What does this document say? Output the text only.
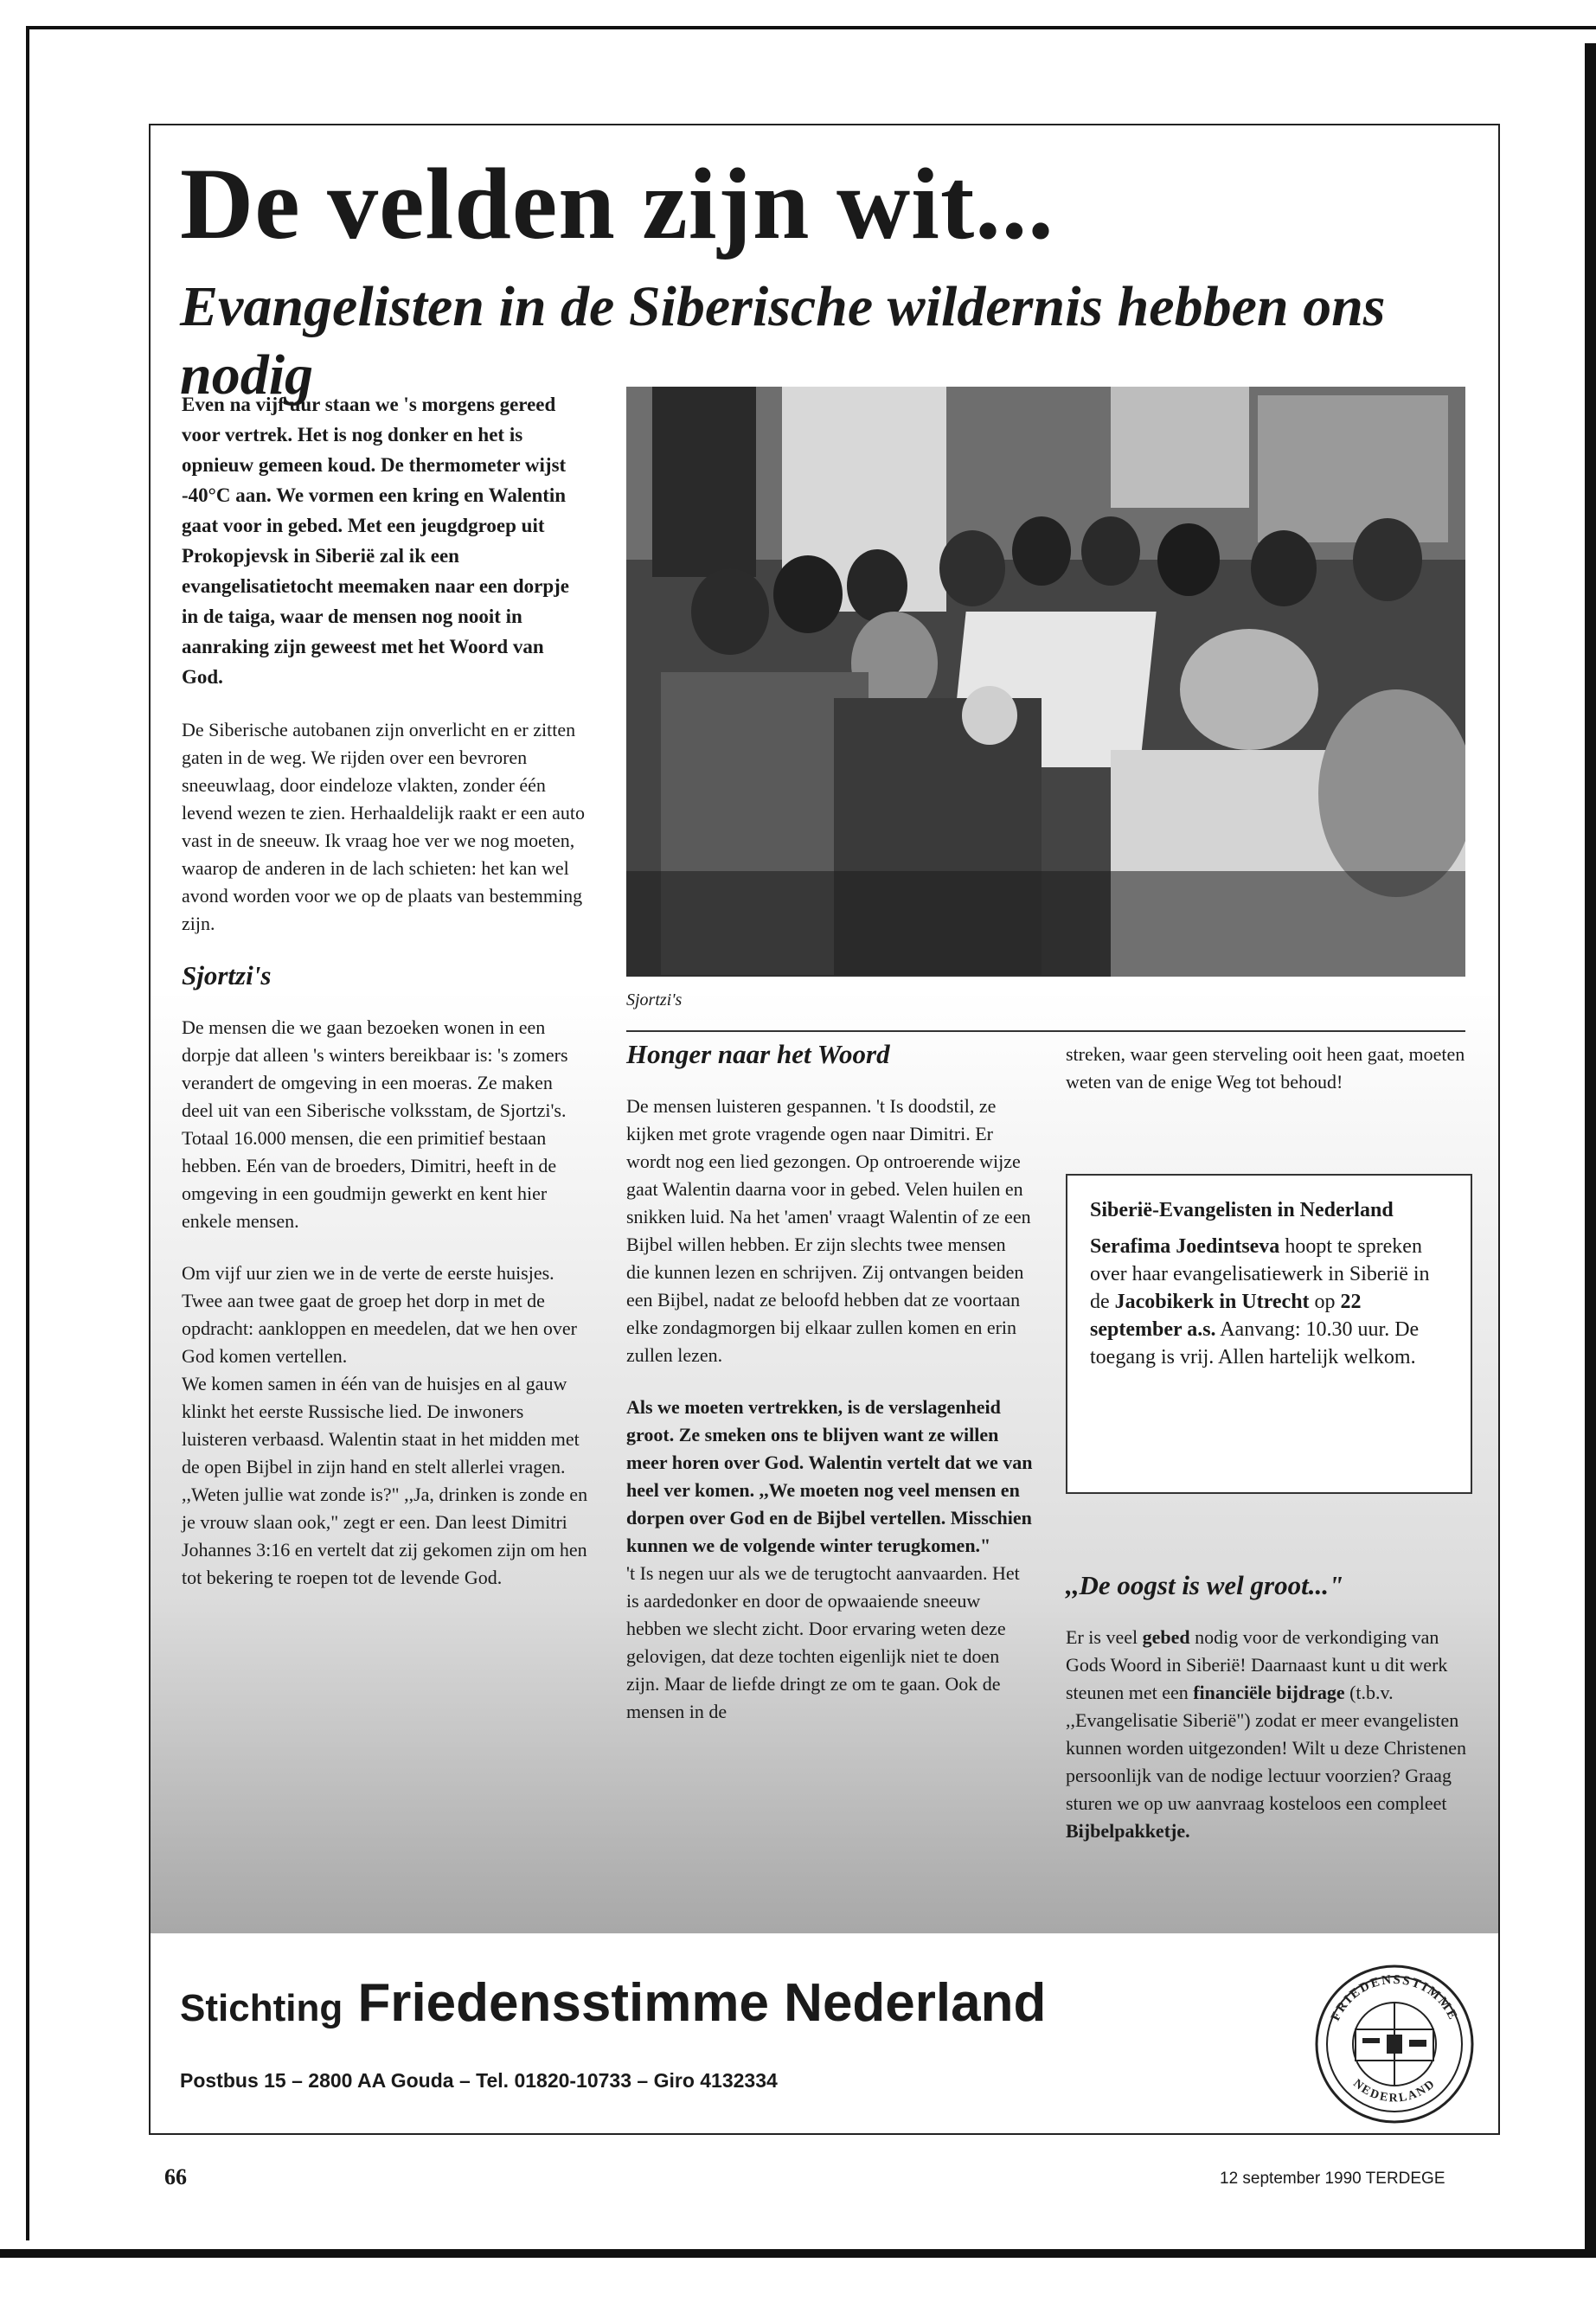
De velden zijn wit...
Evangelisten in de Siberische wildernis hebben ons nodig

Even na vijf uur staan we 's morgens gereed voor vertrek. Het is nog donker en het is opnieuw gemeen koud. De thermometer wijst -40°C aan. We vormen een kring en Walentin gaat voor in gebed. Met een jeugdgroep uit Prokopjevsk in Siberië zal ik een evangelisatietocht meemaken naar een dorpje in de taiga, waar de mensen nog nooit in aanraking zijn geweest met het Woord van God.

De Siberische autobanen zijn onverlicht en er zitten gaten in de weg. We rijden over een bevroren sneeuwlaag, door eindeloze vlakten, zonder één levend wezen te zien. Herhaaldelijk raakt er een auto vast in de sneeuw. Ik vraag hoe ver we nog moeten, waarop de anderen in de lach schieten: het kan wel avond worden voor we op de plaats van bestemming zijn.

Sjortzi's

De mensen die we gaan bezoeken wonen in een dorpje dat alleen 's winters bereikbaar is: 's zomers verandert de omgeving in een moeras. Ze maken deel uit van een Siberische volksstam, de Sjortzi's. Totaal 16.000 mensen, die een primitief bestaan hebben. Eén van de broeders, Dimitri, heeft in de omgeving in een goudmijn gewerkt en kent hier enkele mensen.

Om vijf uur zien we in de verte de eerste huisjes. Twee aan twee gaat de groep het dorp in met de opdracht: aankloppen en meedelen, dat we hen over God komen vertellen.

We komen samen in één van de huisjes en al gauw klinkt het eerste Russische lied. De inwoners luisteren verbaasd. Walentin staat in het midden met de open Bijbel in zijn hand en stelt allerlei vragen. ,,Weten jullie wat zonde is?" ,,Ja, drinken is zonde en je vrouw slaan ook," zegt er een. Dan leest Dimitri Johannes 3:16 en vertelt dat zij gekomen zijn om hen tot bekering te roepen tot de levende God.

Sjortzi's
Honger naar het Woord

De mensen luisteren gespannen. 't Is doodstil, ze kijken met grote vragende ogen naar Dimitri. Er wordt nog een lied gezongen. Op ontroerende wijze gaat Walentin daarna voor in gebed. Velen huilen en snikken luid. Na het 'amen' vraagt Walentin of ze een Bijbel willen hebben. Er zijn slechts twee mensen die kunnen lezen en schrijven. Zij ontvangen beiden een Bijbel, nadat ze beloofd hebben dat ze voortaan elke zondagmorgen bij elkaar zullen komen en erin zullen lezen.

Als we moeten vertrekken, is de verslagenheid groot. Ze smeken ons te blijven want ze willen meer horen over God. Walentin vertelt dat we van heel ver komen. ,,We moeten nog veel mensen en dorpen over God en de Bijbel vertellen. Misschien kunnen we de volgende winter terugkomen."

't Is negen uur als we de terugtocht aanvaarden. Het is aardedonker en door de opwaaiende sneeuw hebben we slecht zicht. Door ervaring weten deze gelovigen, dat deze tochten eigenlijk niet te doen zijn. Maar de liefde dringt ze om te gaan. Ook de mensen in de

streken, waar geen sterveling ooit heen gaat, moeten weten van de enige Weg tot behoud!

Siberië-Evangelisten in Nederland
Serafima Joedintseva hoopt te spreken over haar evangelisatiewerk in Siberië in de Jacobikerk in Utrecht op 22 september a.s. Aanvang: 10.30 uur. De toegang is vrij. Allen hartelijk welkom.
,,De oogst is wel groot..."

Er is veel gebed nodig voor de verkondiging van Gods Woord in Siberië! Daarnaast kunt u dit werk steunen met een financiële bijdrage (t.b.v. ,,Evangelisatie Siberië") zodat er meer evangelisten kunnen worden uitgezonden! Wilt u deze Christenen persoonlijk van de nodige lectuur voorzien? Graag sturen we op uw aanvraag kosteloos een compleet Bijbelpakketje.

Stichting Friedensstimme Nederland
Postbus 15 – 2800 AA Gouda – Tel. 01820-10733 – Giro 4132334
FRIEDENSSTIMME
NEDERLAND
66	12 september 1990 TERDEGE
